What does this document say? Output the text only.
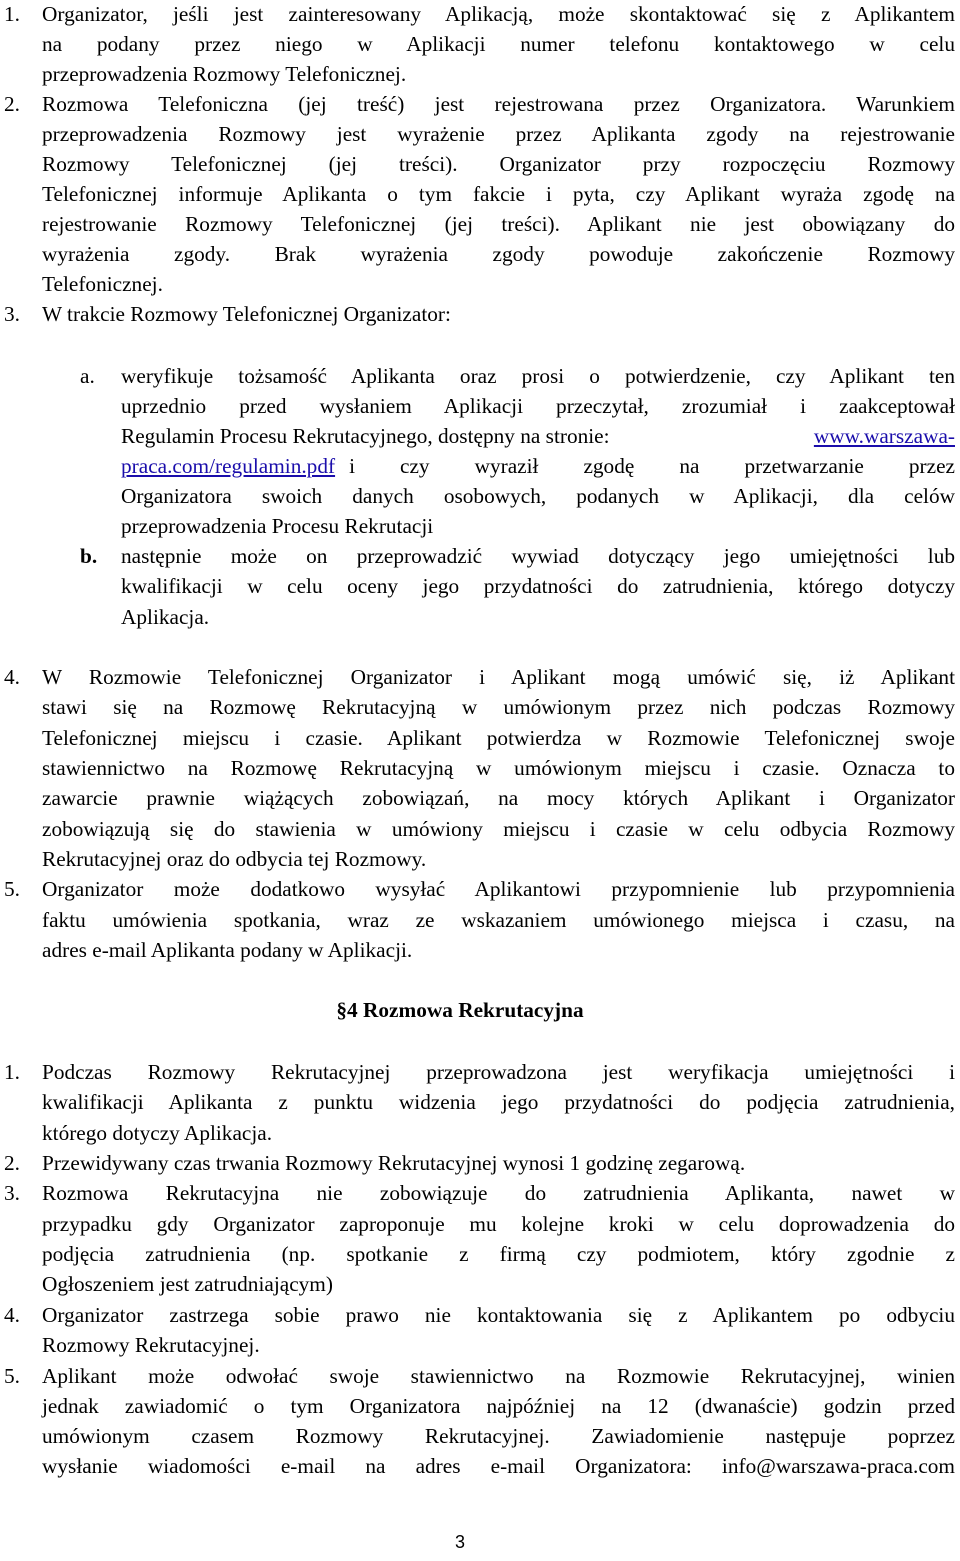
1. Organizator, jeśli jest zainteresowany Aplikacją, może skontaktować się z Aplikantem
na podany przez niego w Aplikacji numer telefonu kontaktowego w celu
przeprowadzenia Rozmowy Telefonicznej.
2. Rozmowa Telefoniczna (jej treść) jest rejestrowana przez Organizatora. Warunkiem
przeprowadzenia Rozmowy jest wyrażenie przez Aplikanta zgody na rejestrowanie
Rozmowy Telefonicznej (jej treści). Organizator przy rozpoczęciu Rozmowy
Telefonicznej informuje Aplikanta o tym fakcie i pyta, czy Aplikant wyraża zgodę na
rejestrowanie Rozmowy Telefonicznej (jej treści). Aplikant nie jest obowiązany do
wyrażenia zgody. Brak wyrażenia zgody powoduje zakończenie Rozmowy
Telefonicznej.
3. W trakcie Rozmowy Telefonicznej Organizator:
a. weryfikuje tożsamość Aplikanta oraz prosi o potwierdzenie, czy Aplikant ten
uprzednio przed wysłaniem Aplikacji przeczytał, zrozumiał i zaakceptował
Regulamin Procesu Rekrutacyjnego, dostępny na stronie:	www.warszawa-
praca.com/regulamin.pdf i czy wyraził zgodę na przetwarzanie przez
Organizatora swoich danych osobowych, podanych w Aplikacji, dla celów
przeprowadzenia Procesu Rekrutacji
b. następnie może on przeprowadzić wywiad dotyczący jego umiejętności lub
kwalifikacji w celu oceny jego przydatności do zatrudnienia, którego dotyczy
Aplikacja.
4. W Rozmowie Telefonicznej Organizator i Aplikant mogą umówić się, iż Aplikant
stawi się na Rozmowę Rekrutacyjną w umówionym przez nich podczas Rozmowy
Telefonicznej miejscu i czasie. Aplikant potwierdza w Rozmowie Telefonicznej swoje
stawiennictwo na Rozmowę Rekrutacyjną w umówionym miejscu i czasie. Oznacza to
zawarcie prawnie wiążących zobowiązań, na mocy których Aplikant i Organizator
zobowiązują się do stawienia w umówiony miejscu i czasie w celu odbycia Rozmowy
Rekrutacyjnej oraz do odbycia tej Rozmowy.
5. Organizator może dodatkowo wysyłać Aplikantowi przypomnienie lub przypomnienia
faktu umówienia spotkania, wraz ze wskazaniem umówionego miejsca i czasu, na
adres e-mail Aplikanta podany w Aplikacji.
§4 Rozmowa Rekrutacyjna
1. Podczas Rozmowy Rekrutacyjnej przeprowadzona jest weryfikacja umiejętności i
kwalifikacji Aplikanta z punktu widzenia jego przydatności do podjęcia zatrudnienia,
którego dotyczy Aplikacja.
2. Przewidywany czas trwania Rozmowy Rekrutacyjnej wynosi 1 godzinę zegarową.
3. Rozmowa Rekrutacyjna nie zobowiązuje do zatrudnienia Aplikanta, nawet w
przypadku gdy Organizator zaproponuje mu kolejne kroki w celu doprowadzenia do
podjęcia zatrudnienia (np. spotkanie z firmą czy podmiotem, który zgodnie z
Ogłoszeniem jest zatrudniającym)
4. Organizator zastrzega sobie prawo nie kontaktowania się z Aplikantem po odbyciu
Rozmowy Rekrutacyjnej.
5. Aplikant może odwołać swoje stawiennictwo na Rozmowie Rekrutacyjnej, winien
jednak zawiadomić o tym Organizatora najpóźniej na 12 (dwanaście) godzin przed
umówionym czasem Rozmowy Rekrutacyjnej. Zawiadomienie następuje poprzez
wysłanie wiadomości e-mail na adres e-mail Organizatora: info@warszawa-praca.com
3
